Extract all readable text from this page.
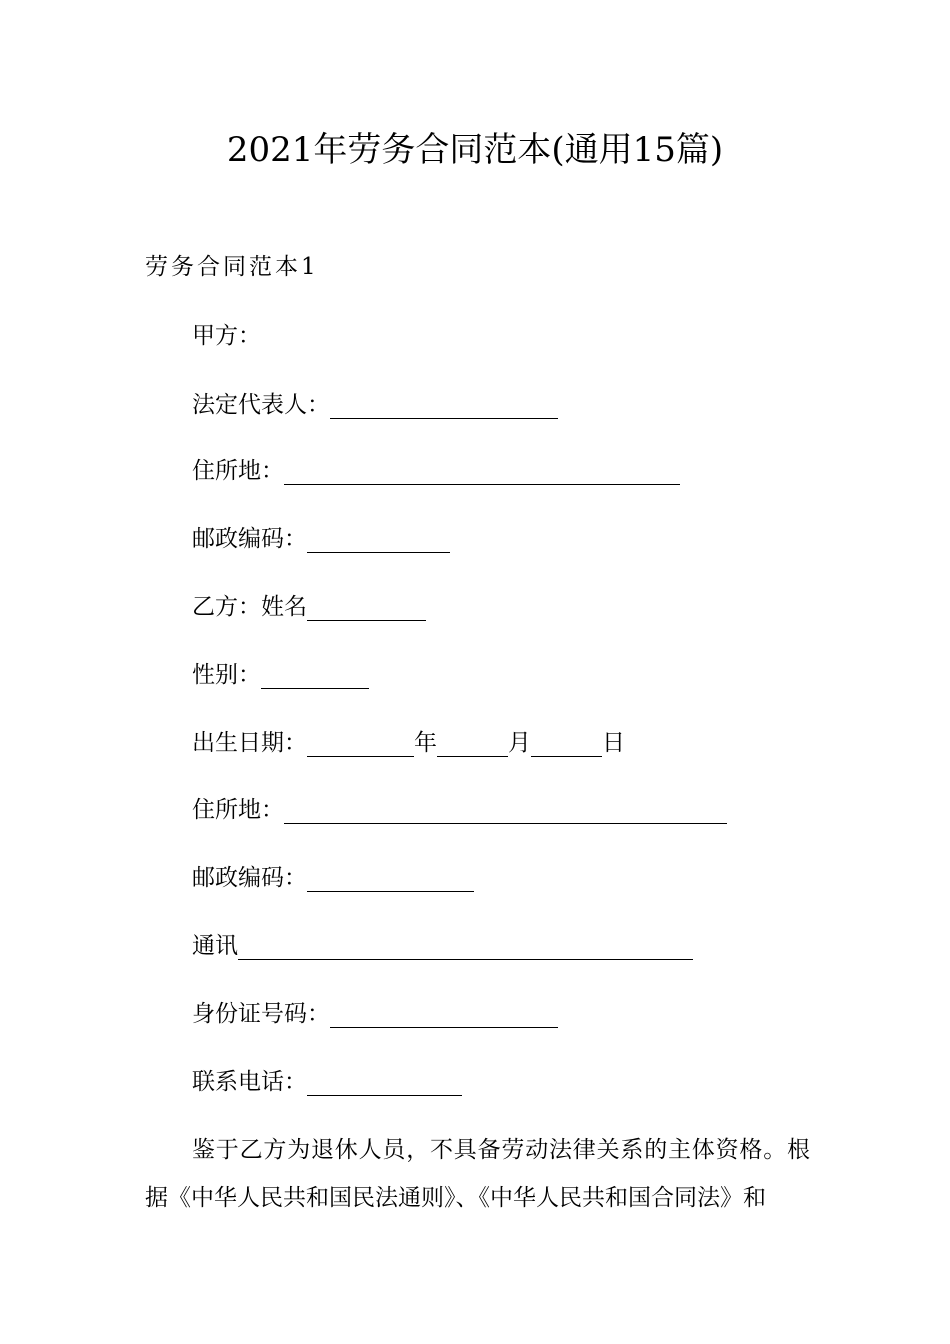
2021年劳务合同范本(通用15篇)
劳务合同范本1
甲方：
法定代表人：
住所地：
邮政编码：
乙方：姓名
性别：
出生日期：	年	月	日
住所地：
邮政编码：
通讯
身份证号码：
联系电话：
鉴于乙方为退休人员，不具备劳动法律关系的主体资格。根据《中华人民共和国民法通则》、《中华人民共和国合同法》和
